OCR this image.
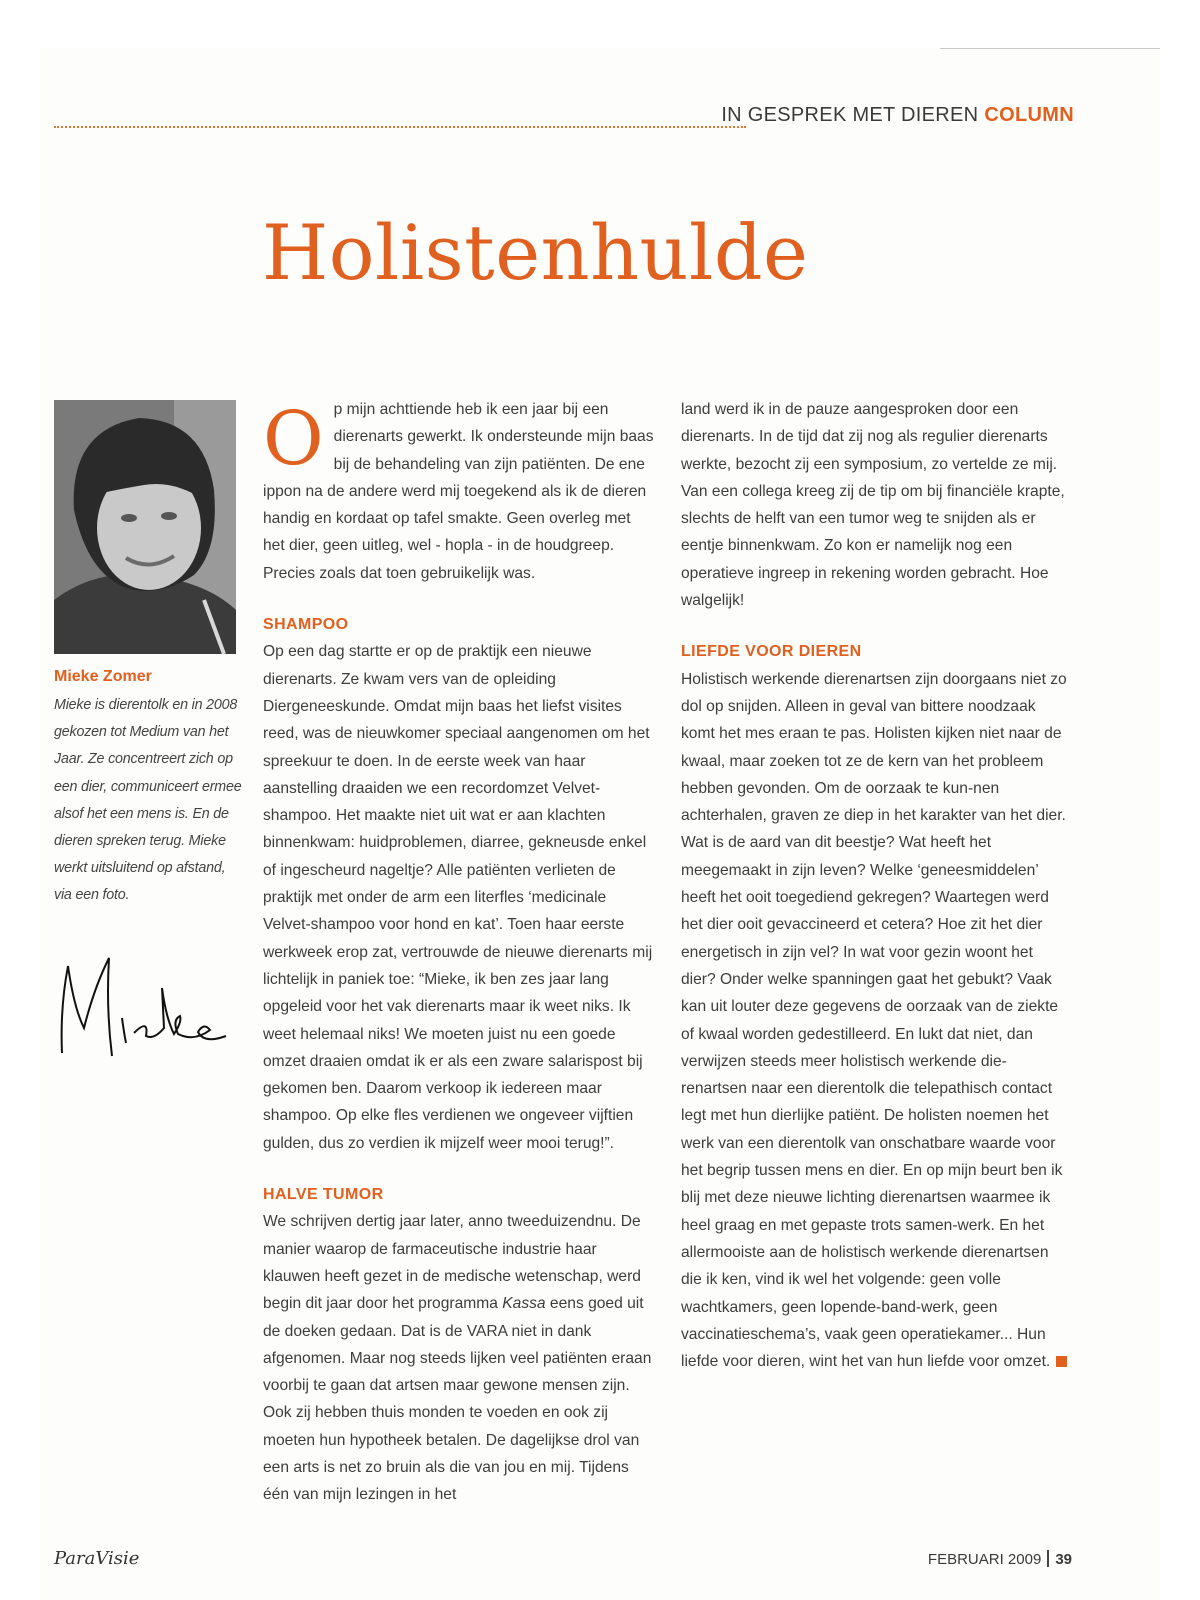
IN GESPREK MET DIEREN COLUMN
Holistenhulde

Mieke Zomer

Mieke is dierentolk en in 2008 gekozen tot Medium van het Jaar. Ze concentreert zich op een dier, communiceert ermee alsof het een mens is. En de dieren spreken terug. Mieke werkt uitsluitend op afstand, via een foto.

Op mijn achttiende heb ik een jaar bij een dierenarts gewerkt. Ik ondersteunde mijn baas bij de behandeling van zijn patiënten. De ene ippon na de andere werd mij toegekend als ik de dieren handig en kordaat op tafel smakte. Geen overleg met het dier, geen uitleg, wel - hopla - in de houdgreep. Precies zoals dat toen gebruikelijk was.

SHAMPOO

Op een dag startte er op de praktijk een nieuwe dierenarts. Ze kwam vers van de opleiding Diergeneeskunde. Omdat mijn baas het liefst visites reed, was de nieuwkomer speciaal aangenomen om het spreekuur te doen. In de eerste week van haar aanstelling draaiden we een recordomzet Velvet-shampoo. Het maakte niet uit wat er aan klachten binnenkwam: huidproblemen, diarree, gekneusde enkel of ingescheurd nageltje? Alle patiënten verlieten de praktijk met onder de arm een literfles ‘medicinale Velvet-shampoo voor hond en kat’. Toen haar eerste werkweek erop zat, vertrouwde de nieuwe dierenarts mij lichtelijk in paniek toe: “Mieke, ik ben zes jaar lang opgeleid voor het vak dierenarts maar ik weet niks. Ik weet helemaal niks! We moeten juist nu een goede omzet draaien omdat ik er als een zware salarispost bij gekomen ben. Daarom verkoop ik iedereen maar shampoo. Op elke fles verdienen we ongeveer vijftien gulden, dus zo verdien ik mijzelf weer mooi terug!”.

HALVE TUMOR

We schrijven dertig jaar later, anno tweeduizendnu. De manier waarop de farmaceutische industrie haar klauwen heeft gezet in de medische wetenschap, werd begin dit jaar door het programma Kassa eens goed uit de doeken gedaan. Dat is de VARA niet in dank afgenomen. Maar nog steeds lijken veel patiënten eraan voorbij te gaan dat artsen maar gewone mensen zijn. Ook zij hebben thuis monden te voeden en ook zij moeten hun hypotheek betalen. De dagelijkse drol van een arts is net zo bruin als die van jou en mij. Tijdens één van mijn lezingen in het

land werd ik in de pauze aangesproken door een dierenarts. In de tijd dat zij nog als regulier dierenarts werkte, bezocht zij een symposium, zo vertelde ze mij. Van een collega kreeg zij de tip om bij financiële krapte, slechts de helft van een tumor weg te snijden als er eentje binnenkwam. Zo kon er namelijk nog een operatieve ingreep in rekening worden gebracht. Hoe walgelijk!

LIEFDE VOOR DIEREN

Holistisch werkende dierenartsen zijn doorgaans niet zo dol op snijden. Alleen in geval van bittere noodzaak komt het mes eraan te pas. Holisten kijken niet naar de kwaal, maar zoeken tot ze de kern van het probleem hebben gevonden. Om de oorzaak te kun-nen achterhalen, graven ze diep in het karakter van het dier. Wat is de aard van dit beestje? Wat heeft het meegemaakt in zijn leven? Welke ‘geneesmiddelen’ heeft het ooit toegediend gekregen? Waartegen werd het dier ooit gevaccineerd et cetera? Hoe zit het dier energetisch in zijn vel? In wat voor gezin woont het dier? Onder welke spanningen gaat het gebukt? Vaak kan uit louter deze gegevens de oorzaak van de ziekte of kwaal worden gedestilleerd. En lukt dat niet, dan verwijzen steeds meer holistisch werkende die-renartsen naar een dierentolk die telepathisch contact legt met hun dierlijke patiënt. De holisten noemen het werk van een dierentolk van onschatbare waarde voor het begrip tussen mens en dier. En op mijn beurt ben ik blij met deze nieuwe lichting dierenartsen waarmee ik heel graag en met gepaste trots samen-werk. En het allermooiste aan de holistisch werkende dierenartsen die ik ken, vind ik wel het volgende: geen volle wachtkamers, geen lopende-band-werk, geen vaccinatieschema’s, vaak geen operatiekamer... Hun liefde voor dieren, wint het van hun liefde voor omzet.

ParaVisie	FEBRUARI 2009 39
